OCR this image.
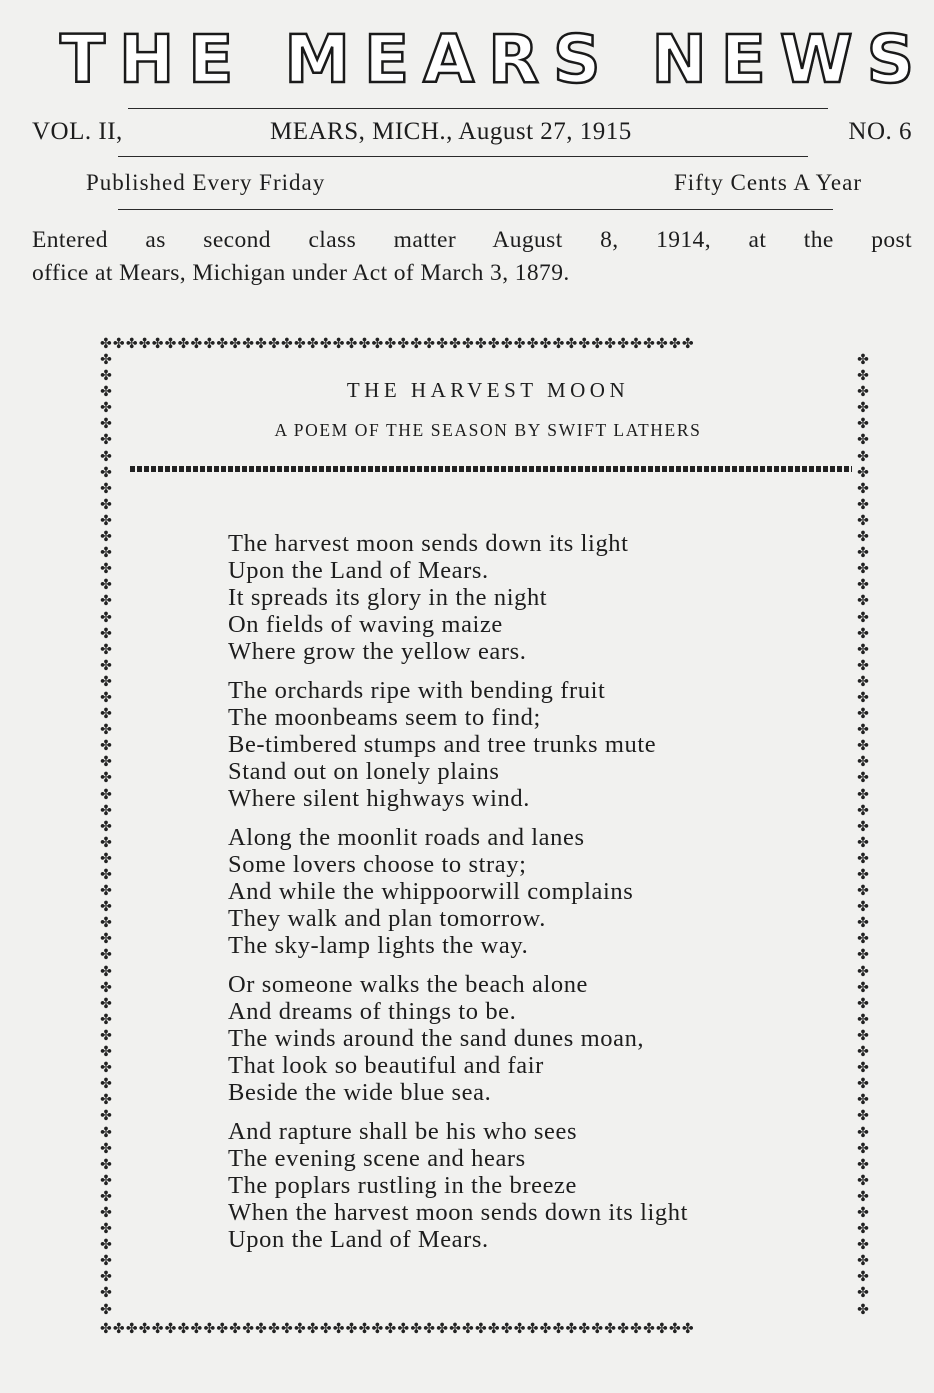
THE MEARS NEWS
VOL. II,	MEARS, MICH., August 27, 1915	NO. 6
Published Every Friday	Fifty Cents A Year
Entered as second class matter August 8, 1914, at the post
office at Mears, Michigan under Act of March 3, 1879.
✤✤✤✤✤✤✤✤✤✤✤✤✤✤✤✤✤✤✤✤✤✤✤✤✤✤✤✤✤✤✤✤✤✤✤✤✤✤✤✤✤✤✤✤✤✤
✤✤✤✤✤✤✤✤✤✤✤✤✤✤✤✤✤✤✤✤✤✤✤✤✤✤✤✤✤✤✤✤✤✤✤✤✤✤✤✤✤✤✤✤✤✤
✤
✤
✤
✤
✤
✤
✤
✤
✤
✤
✤
✤
✤
✤
✤
✤
✤
✤
✤
✤
✤
✤
✤
✤
✤
✤
✤
✤
✤
✤
✤
✤
✤
✤
✤
✤
✤
✤
✤
✤
✤
✤
✤
✤
✤
✤
✤
✤
✤
✤
✤
✤
✤
✤
✤
✤
✤
✤
✤
✤
✤
✤
✤
✤
✤
✤
✤
✤
✤
✤
✤
✤
✤
✤
✤
✤
✤
✤
✤
✤
✤
✤
✤
✤
✤
✤
✤
✤
✤
✤
✤
✤
✤
✤
✤
✤
✤
✤
✤
✤
✤
✤
✤
✤
✤
✤
✤
✤
✤
✤
✤
✤
✤
✤
✤
✤
✤
✤
✤
✤
THE HARVEST MOON
A POEM OF THE SEASON BY SWIFT LATHERS
The harvest moon sends down its light
Upon the Land of Mears.
It spreads its glory in the night
On fields of waving maize
Where grow the yellow ears.
The orchards ripe with bending fruit
The moonbeams seem to find;
Be-timbered stumps and tree trunks mute
Stand out on lonely plains
Where silent highways wind.
Along the moonlit roads and lanes
Some lovers choose to stray;
And while the whippoorwill complains
They walk and plan tomorrow.
The sky-lamp lights the way.
Or someone walks the beach alone
And dreams of things to be.
The winds around the sand dunes moan,
That look so beautiful and fair
Beside the wide blue sea.
And rapture shall be his who sees
The evening scene and hears
The poplars rustling in the breeze
When the harvest moon sends down its light
Upon the Land of Mears.
